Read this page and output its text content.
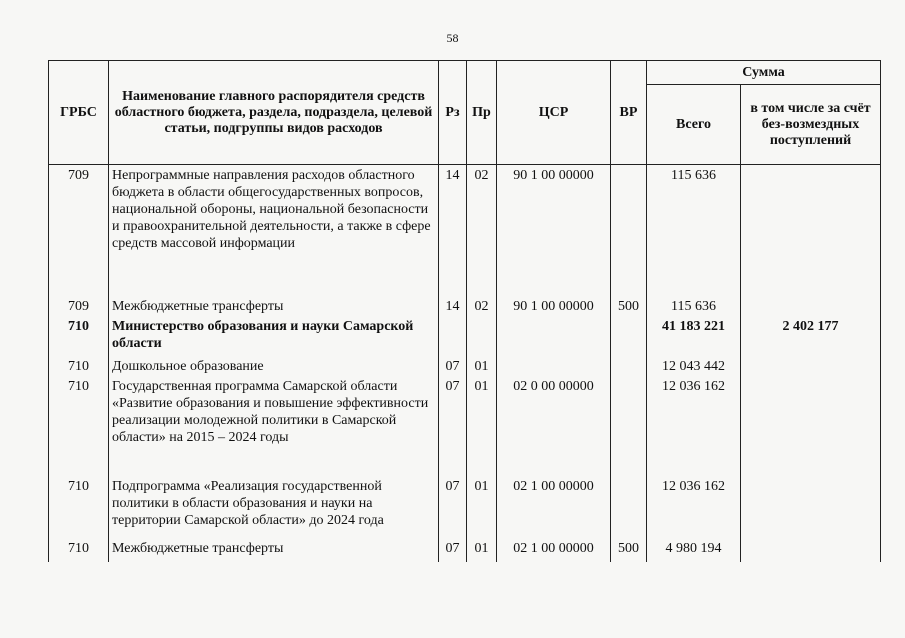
58
ГРБС	Наименование главного распорядителя средств областного бюджета, раздела, подраздела, целевой статьи, подгруппы видов расходов	Рз	Пр	ЦСР	ВР	Сумма	
						Всего	в том числе за счёт без-возмездных поступлений
709	Непрограммные направления расходов областного бюджета в области общегосударственных вопросов, национальной обороны, национальной безопасности и правоохранительной деятельности, а также в сфере средств массовой информации	14	02	90 1 00 00000		115 636	
709	Межбюджетные трансферты	14	02	90 1 00 00000	500	115 636	
710	Министерство образования и науки Самарской области					41 183 221	2 402 177
710	Дошкольное образование	07	01			12 043 442	
710	Государственная программа Самарской области «Развитие образования и повышение эффективности реализации молодежной политики в Самарской области» на 2015 – 2024 годы	07	01	02 0 00 00000		12 036 162	
710	Подпрограмма «Реализация государственной политики в области образования и науки на территории Самарской области» до 2024 года	07	01	02 1 00 00000		12 036 162	
710	Межбюджетные трансферты	07	01	02 1 00 00000	500	4 980 194	
